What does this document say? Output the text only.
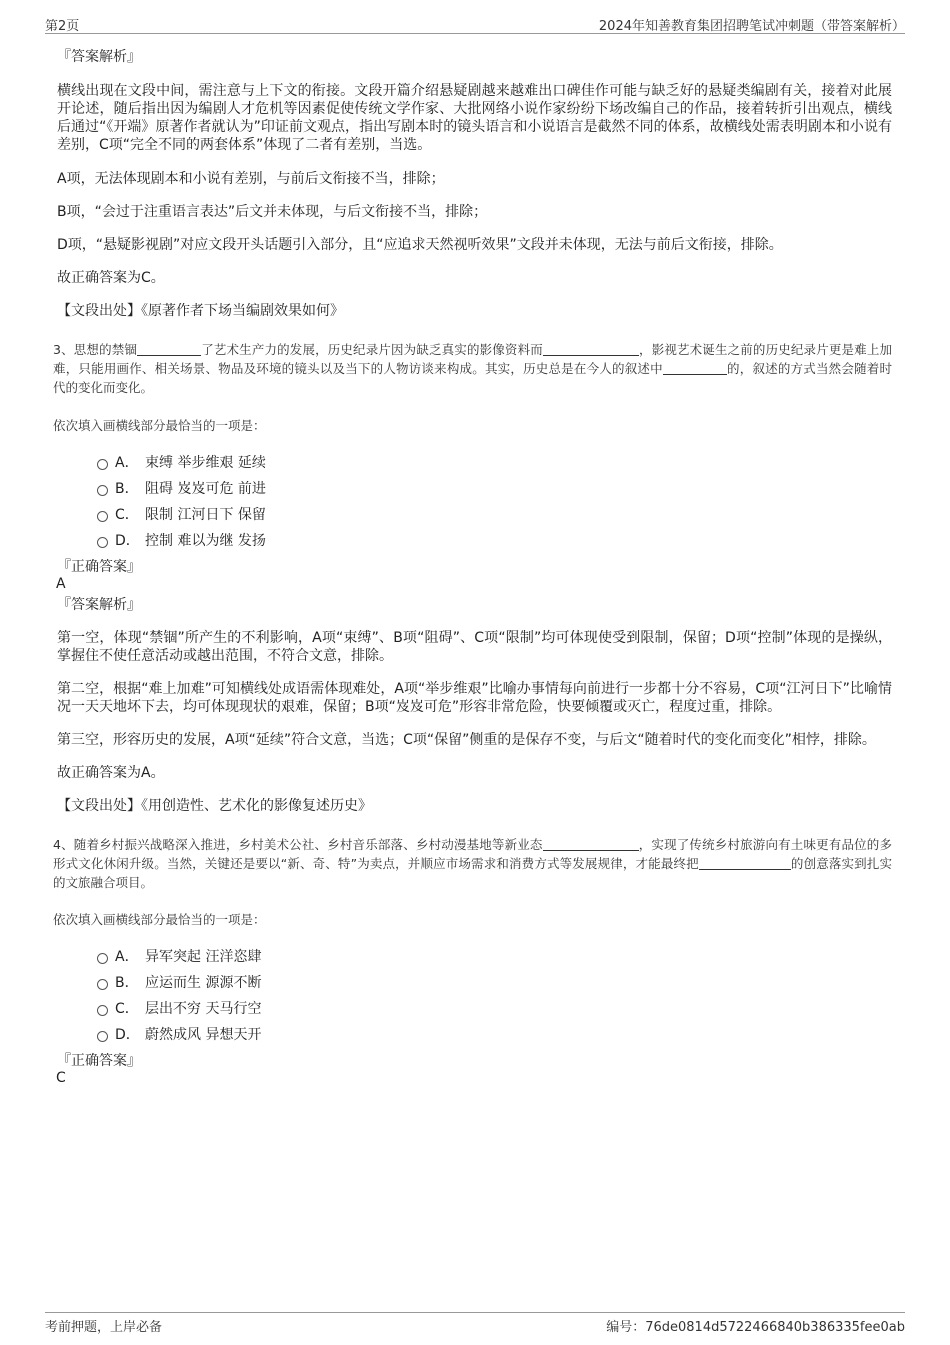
第2页	2024年知善教育集团招聘笔试冲刺题（带答案解析）

『答案解析』

横线出现在文段中间，需注意与上下文的衔接。文段开篇介绍悬疑剧越来越难出口碑佳作可能与缺乏好的悬疑类编剧有关，接着对此展开论述，随后指出因为编剧人才危机等因素促使传统文学作家、大批网络小说作家纷纷下场改编自己的作品，接着转折引出观点，横线后通过“《开端》原著作者就认为”印证前文观点，指出写剧本时的镜头语言和小说语言是截然不同的体系，故横线处需表明剧本和小说有差别，C项“完全不同的两套体系”体现了二者有差别，当选。

A项，无法体现剧本和小说有差别，与前后文衔接不当，排除；

B项，“会过于注重语言表达”后文并未体现，与后文衔接不当，排除；

D项，“悬疑影视剧”对应文段开头话题引入部分，且“应追求天然视听效果”文段并未体现，无法与前后文衔接，排除。

故正确答案为C。

【文段出处】《原著作者下场当编剧效果如何》

3、思想的禁锢	了艺术生产力的发展，历史纪录片因为缺乏真实的影像资料而	，影视艺术诞生之前的历史纪录片更是难上加难，只能用画作、相关场景、物品及环境的镜头以及当下的人物访谈来构成。其实，历史总是在今人的叙述中	的，叙述的方式当然会随着时代的变化而变化。

依次填入画横线部分最恰当的一项是：

A． 束缚 举步维艰 延续
B． 阻碍 岌岌可危 前进
C． 限制 江河日下 保留
D． 控制 难以为继 发扬

『正确答案』

A

『答案解析』

第一空，体现“禁锢”所产生的不利影响，A项“束缚”、B项“阻碍”、C项“限制”均可体现使受到限制，保留；D项“控制”体现的是操纵，掌握住不使任意活动或越出范围，不符合文意，排除。

第二空，根据“难上加难”可知横线处成语需体现难处，A项“举步维艰”比喻办事情每向前进行一步都十分不容易，C项“江河日下”比喻情况一天天地坏下去，均可体现现状的艰难，保留；B项“岌岌可危”形容非常危险，快要倾覆或灭亡，程度过重，排除。

第三空，形容历史的发展，A项“延续”符合文意，当选；C项“保留”侧重的是保存不变，与后文“随着时代的变化而变化”相悖，排除。

故正确答案为A。

【文段出处】《用创造性、艺术化的影像复述历史》

4、随着乡村振兴战略深入推进，乡村美术公社、乡村音乐部落、乡村动漫基地等新业态	，实现了传统乡村旅游向有土味更有品位的多形式文化休闲升级。当然，关键还是要以“新、奇、特”为卖点，并顺应市场需求和消费方式等发展规律，才能最终把	的创意落实到扎实的文旅融合项目。

依次填入画横线部分最恰当的一项是：

A． 异军突起 汪洋恣肆
B． 应运而生 源源不断
C． 层出不穷 天马行空
D． 蔚然成风 异想天开

『正确答案』

C

考前押题，上岸必备	编号：76de0814d5722466840b386335fee0ab
